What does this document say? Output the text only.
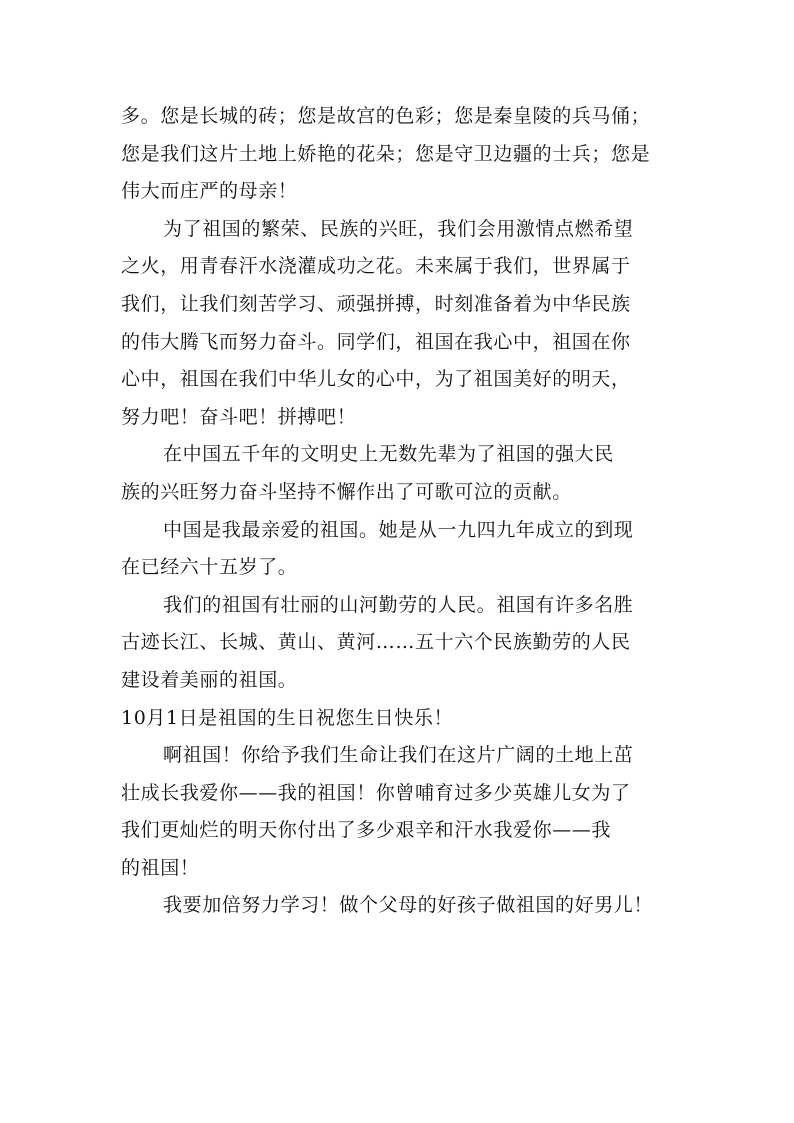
多。您是长城的砖；您是故宫的色彩；您是秦皇陵的兵马俑；
您是我们这片土地上娇艳的花朵；您是守卫边疆的士兵；您是
伟大而庄严的母亲！
为了祖国的繁荣、民族的兴旺，我们会用激情点燃希望
之火，用青春汗水浇灌成功之花。未来属于我们，世界属于
我们，让我们刻苦学习、顽强拼搏，时刻准备着为中华民族
的伟大腾飞而努力奋斗。同学们，祖国在我心中，祖国在你
心中，祖国在我们中华儿女的心中，为了祖国美好的明天，
努力吧！奋斗吧！拼搏吧！
在中国五千年的文明史上无数先辈为了祖国的强大民
族的兴旺努力奋斗坚持不懈作出了可歌可泣的贡献。
中国是我最亲爱的祖国。她是从一九四九年成立的到现
在已经六十五岁了。
我们的祖国有壮丽的山河勤劳的人民。祖国有许多名胜
古迹长江、长城、黄山、黄河……五十六个民族勤劳的人民
建设着美丽的祖国。
10月1日是祖国的生日祝您生日快乐！
啊祖国！你给予我们生命让我们在这片广阔的土地上茁
壮成长我爱你——我的祖国！你曾哺育过多少英雄儿女为了
我们更灿烂的明天你付出了多少艰辛和汗水我爱你——我
的祖国！
我要加倍努力学习！做个父母的好孩子做祖国的好男儿！
